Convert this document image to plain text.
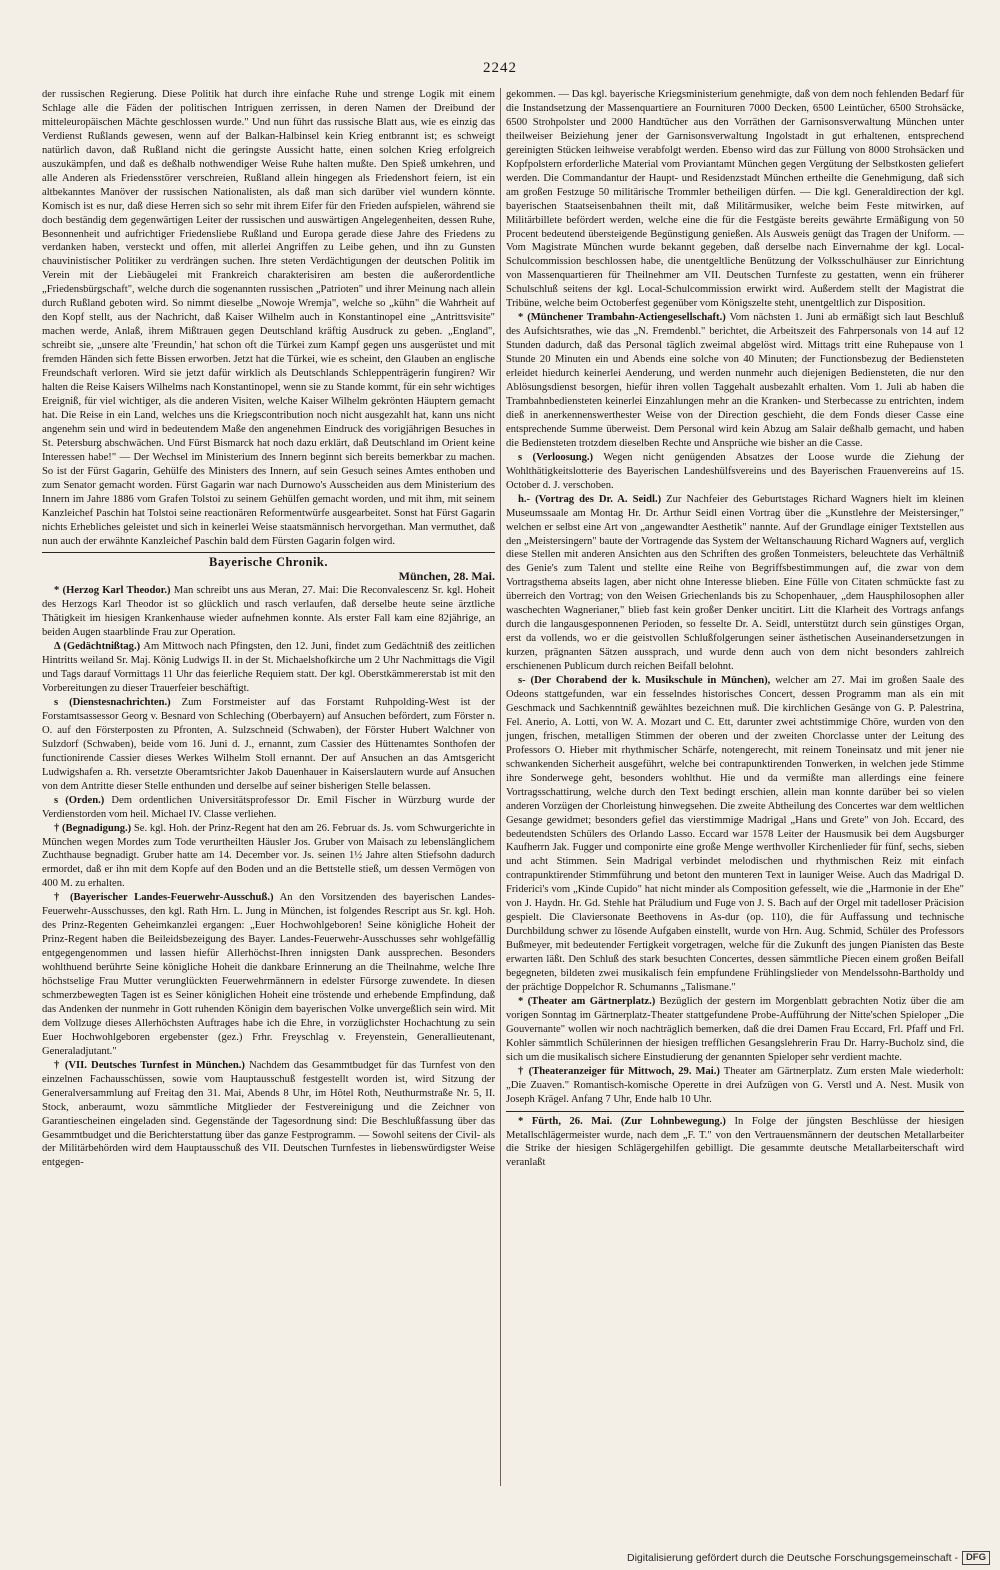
2242

der russischen Regierung. Diese Politik hat durch ihre einfache Ruhe und strenge Logik mit einem Schlage alle die Fäden der politischen Intriguen zerrissen, in deren Namen der Dreibund der mitteleuropäischen Mächte geschlossen wurde." Und nun führt das russische Blatt aus, wie es einzig das Verdienst Rußlands gewesen, wenn auf der Balkan-Halbinsel kein Krieg entbrannt ist; es schweigt natürlich davon, daß Rußland nicht die geringste Aussicht hatte, einen solchen Krieg erfolgreich auszukämpfen, und daß es deßhalb nothwendiger Weise Ruhe halten mußte. Den Spieß umkehren, und alle Anderen als Friedensstörer verschreien, Rußland allein hingegen als Friedenshort feiern, ist ein altbekanntes Manöver der russischen Nationalisten, als daß man sich darüber viel wundern könnte. Komisch ist es nur, daß diese Herren sich so sehr mit ihrem Eifer für den Frieden aufspielen, während sie doch beständig dem gegenwärtigen Leiter der russischen und auswärtigen Angelegenheiten, dessen Ruhe, Besonnenheit und aufrichtiger Friedensliebe Rußland und Europa gerade diese Jahre des Friedens zu verdanken haben, versteckt und offen, mit allerlei Angriffen zu Leibe gehen, und ihn zu Gunsten chauvinistischer Politiker zu verdrängen suchen. Ihre steten Verdächtigungen der deutschen Politik im Verein mit der Liebäugelei mit Frankreich charakterisiren am besten die außerordentliche „Friedensbürgschaft", welche durch die sogenannten russischen „Patrioten" und ihrer Meinung nach allein durch Rußland geboten wird. So nimmt dieselbe „Nowoje Wremja", welche so „kühn" die Wahrheit auf den Kopf stellt, aus der Nachricht, daß Kaiser Wilhelm auch in Konstantinopel eine „Antrittsvisite" machen werde, Anlaß, ihrem Mißtrauen gegen Deutschland kräftig Ausdruck zu geben. „England", schreibt sie, „unsere alte 'Freundin,' hat schon oft die Türkei zum Kampf gegen uns ausgerüstet und mit fremden Händen sich fette Bissen erworben. Jetzt hat die Türkei, wie es scheint, den Glauben an englische Freundschaft verloren. Wird sie jetzt dafür wirklich als Deutschlands Schleppenträgerin fungiren? Wir halten die Reise Kaisers Wilhelms nach Konstantinopel, wenn sie zu Stande kommt, für ein sehr wichtiges Ereigniß, für viel wichtiger, als die anderen Visiten, welche Kaiser Wilhelm gekrönten Häuptern gemacht hat. Die Reise in ein Land, welches uns die Kriegscontribution noch nicht ausgezahlt hat, kann uns nicht angenehm sein und wird in bedeutendem Maße den angenehmen Eindruck des vorigjährigen Besuches in St. Petersburg abschwächen. Und Fürst Bismarck hat noch dazu erklärt, daß Deutschland im Orient keine Interessen habe!" — Der Wechsel im Ministerium des Innern beginnt sich bereits bemerkbar zu machen. So ist der Fürst Gagarin, Gehülfe des Ministers des Innern, auf sein Gesuch seines Amtes enthoben und zum Senator gemacht worden. Fürst Gagarin war nach Durnowo's Ausscheiden aus dem Ministerium des Innern im Jahre 1886 vom Grafen Tolstoi zu seinem Gehülfen gemacht worden, und mit ihm, mit seinem Kanzleichef Paschin hat Tolstoi seine reactionären Reformentwürfe ausgearbeitet. Sonst hat Fürst Gagarin nichts Erhebliches geleistet und sich in keinerlei Weise staatsmännisch hervorgethan. Man vermuthet, daß nun auch der erwähnte Kanzleichef Paschin bald dem Fürsten Gagarin folgen wird.

Bayerische Chronik.

München, 28. Mai.

* (Herzog Karl Theodor.) Man schreibt uns aus Meran, 27. Mai: Die Reconvalescenz Sr. kgl. Hoheit des Herzogs Karl Theodor ist so glücklich und rasch verlaufen, daß derselbe heute seine ärztliche Thätigkeit im hiesigen Krankenhause wieder aufnehmen konnte. Als erster Fall kam eine 82jährige, an beiden Augen staarblinde Frau zur Operation.

Δ (Gedächtnißtag.) Am Mittwoch nach Pfingsten, den 12. Juni, findet zum Gedächtniß des zeitlichen Hintritts weiland Sr. Maj. König Ludwigs II. in der St. Michaelshofkirche um 2 Uhr Nachmittags die Vigil und Tags darauf Vormittags 11 Uhr das feierliche Requiem statt. Der kgl. Oberstkämmererstab ist mit den Vorbereitungen zu dieser Trauerfeier beschäftigt.

s (Dienstesnachrichten.) Zum Forstmeister auf das Forstamt Ruhpolding-West ist der Forstamtsassessor Georg v. Besnard von Schleching (Oberbayern) auf Ansuchen befördert, zum Förster n. O. auf den Försterposten zu Pfronten, A. Sulzschneid (Schwaben), der Förster Hubert Walchner von Sulzdorf (Schwaben), beide vom 16. Juni d. J., ernannt, zum Cassier des Hüttenamtes Sonthofen der functionirende Cassier dieses Werkes Wilhelm Stoll ernannt. Der auf Ansuchen an das Amtsgericht Ludwigshafen a. Rh. versetzte Oberamtsrichter Jakob Dauenhauer in Kaiserslautern wurde auf Ansuchen von dem Antritte dieser Stelle enthunden und derselbe auf seiner bisherigen Stelle belassen.

s (Orden.) Dem ordentlichen Universitätsprofessor Dr. Emil Fischer in Würzburg wurde der Verdienstorden vom heil. Michael IV. Classe verliehen.

† (Begnadigung.) Se. kgl. Hoh. der Prinz-Regent hat den am 26. Februar ds. Js. vom Schwurgerichte in München wegen Mordes zum Tode verurtheilten Häusler Jos. Gruber von Maisach zu lebenslänglichem Zuchthause begnadigt. Gruber hatte am 14. December vor. Js. seinen 1½ Jahre alten Stiefsohn dadurch ermordet, daß er ihn mit dem Kopfe auf den Boden und an die Bettstelle stieß, um dessen Vermögen von 400 M. zu erhalten.

† (Bayerischer Landes-Feuerwehr-Ausschuß.) An den Vorsitzenden des bayerischen Landes-Feuerwehr-Ausschusses, den kgl. Rath Hrn. L. Jung in München, ist folgendes Rescript aus Sr. kgl. Hoh. des Prinz-Regenten Geheimkanzlei ergangen: „Euer Hochwohlgeboren! Seine königliche Hoheit der Prinz-Regent haben die Beileidsbezeigung des Bayer. Landes-Feuerwehr-Ausschusses sehr wohlgefällig entgegengenommen und lassen hiefür Allerhöchst-Ihren innigsten Dank aussprechen. Besonders wohlthuend berührte Seine königliche Hoheit die dankbare Erinnerung an die Theilnahme, welche Ihre höchstselige Frau Mutter verunglückten Feuerwehrmännern in edelster Fürsorge zuwendete. In diesen schmerzbewegten Tagen ist es Seiner königlichen Hoheit eine tröstende und erhebende Empfindung, daß das Andenken der nunmehr in Gott ruhenden Königin dem bayerischen Volke unvergeßlich sein wird. Mit dem Vollzuge dieses Allerhöchsten Auftrages habe ich die Ehre, in vorzüglichster Hochachtung zu sein Euer Hochwohlgeboren ergebenster (gez.) Frhr. Freyschlag v. Freyenstein, Generallieutenant, Generaladjutant."

† (VII. Deutsches Turnfest in München.) Nachdem das Gesammtbudget für das Turnfest von den einzelnen Fachausschüssen, sowie vom Hauptausschuß festgestellt worden ist, wird Sitzung der Generalversammlung auf Freitag den 31. Mai, Abends 8 Uhr, im Hôtel Roth, Neuthurmstraße Nr. 5, II. Stock, anberaumt, wozu sämmtliche Mitglieder der Festvereinigung und die Zeichner von Garantiescheinen eingeladen sind. Gegenstände der Tagesordnung sind: Die Beschlußfassung über das Gesammtbudget und die Berichterstattung über das ganze Festprogramm. — Sowohl seitens der Civil- als der Militärbehörden wird dem Hauptausschuß des VII. Deutschen Turnfestes in liebenswürdigster Weise entgegen-

gekommen. — Das kgl. bayerische Kriegsministerium genehmigte, daß von dem noch fehlenden Bedarf für die Instandsetzung der Massenquartiere an Fournituren 7000 Decken, 6500 Leintücher, 6500 Strohsäcke, 6500 Strohpolster und 2000 Handtücher aus den Vorräthen der Garnisonsverwaltung München unter theilweiser Beiziehung jener der Garnisonsverwaltung Ingolstadt in gut erhaltenen, entsprechend gereinigten Stücken leihweise verabfolgt werden. Ebenso wird das zur Füllung von 8000 Strohsäcken und Kopfpolstern erforderliche Material vom Proviantamt München gegen Vergütung der Selbstkosten geliefert werden. Die Commandantur der Haupt- und Residenzstadt München ertheilte die Genehmigung, daß sich am großen Festzuge 50 militärische Trommler betheiligen dürfen. — Die kgl. Generaldirection der kgl. bayerischen Staatseisenbahnen theilt mit, daß Militärmusiker, welche beim Feste mitwirken, auf Militärbillete befördert werden, welche eine die für die Festgäste bereits gewährte Ermäßigung von 50 Procent bedeutend übersteigende Begünstigung genießen. Als Ausweis genügt das Tragen der Uniform. — Vom Magistrate München wurde bekannt gegeben, daß derselbe nach Einvernahme der kgl. Local-Schulcommission beschlossen habe, die unentgeltliche Benützung der Volksschulhäuser zur Einrichtung von Massenquartieren für Theilnehmer am VII. Deutschen Turnfeste zu gestatten, wenn ein früherer Schulschluß seitens der kgl. Local-Schulcommission erwirkt wird. Außerdem stellt der Magistrat die Tribüne, welche beim Octoberfest gegenüber vom Königszelte steht, unentgeltlich zur Disposition.

* (Münchener Trambahn-Actiengesellschaft.) Vom nächsten 1. Juni ab ermäßigt sich laut Beschluß des Aufsichtsrathes, wie das „N. Fremdenbl." berichtet, die Arbeitszeit des Fahrpersonals von 14 auf 12 Stunden dadurch, daß das Personal täglich zweimal abgelöst wird. Mittags tritt eine Ruhepause von 1 Stunde 20 Minuten ein und Abends eine solche von 40 Minuten; der Functionsbezug der Bediensteten erleidet hiedurch keinerlei Aenderung, und werden nunmehr auch diejenigen Bediensteten, die nur den Ablösungsdienst besorgen, hiefür ihren vollen Taggehalt ausbezahlt erhalten. Vom 1. Juli ab haben die Trambahnbediensteten keinerlei Einzahlungen mehr an die Kranken- und Sterbecasse zu entrichten, indem dieß in anerkennenswerthester Weise von der Direction geschieht, die dem Fonds dieser Casse eine entsprechende Summe überweist. Dem Personal wird kein Abzug am Salair deßhalb gemacht, und haben die Bediensteten trotzdem dieselben Rechte und Ansprüche wie bisher an die Casse.

s (Verloosung.) Wegen nicht genügenden Absatzes der Loose wurde die Ziehung der Wohlthätigkeitslotterie des Bayerischen Landeshülfsvereins und des Bayerischen Frauenvereins auf 15. October d. J. verschoben.

h.- (Vortrag des Dr. A. Seidl.) Zur Nachfeier des Geburtstages Richard Wagners hielt im kleinen Museumssaale am Montag Hr. Dr. Arthur Seidl einen Vortrag über die „Kunstlehre der Meistersinger," welchen er selbst eine Art von „angewandter Aesthetik" nannte. Auf der Grundlage einiger Textstellen aus den „Meistersingern" baute der Vortragende das System der Weltanschauung Richard Wagners auf, verglich diese Stellen mit anderen Ansichten aus den Schriften des großen Tonmeisters, beleuchtete das Verhältniß des Genie's zum Talent und stellte eine Reihe von Begriffsbestimmungen auf, die zwar von dem Vortragsthema abseits lagen, aber nicht ohne Interesse blieben. Eine Fülle von Citaten schmückte fast zu überreich den Vortrag; von den Weisen Griechenlands bis zu Schopenhauer, „dem Hausphilosophen aller waschechten Wagnerianer," blieb fast kein großer Denker uncitirt. Litt die Klarheit des Vortrags anfangs durch die langausgesponnenen Perioden, so fesselte Dr. A. Seidl, unterstützt durch sein günstiges Organ, erst da vollends, wo er die geistvollen Schlußfolgerungen seiner ästhetischen Auseinandersetzungen in kurzen, prägnanten Sätzen aussprach, und wurde denn auch von dem nicht besonders zahlreich erschienenen Publicum durch reichen Beifall belohnt.

s- (Der Chorabend der k. Musikschule in München), welcher am 27. Mai im großen Saale des Odeons stattgefunden, war ein fesselndes historisches Concert, dessen Programm man als ein mit Geschmack und Sachkenntniß gewähltes bezeichnen muß. Die kirchlichen Gesänge von G. P. Palestrina, Fel. Anerio, A. Lotti, von W. A. Mozart und C. Ett, darunter zwei achtstimmige Chöre, wurden von den jungen, frischen, metalligen Stimmen der oberen und der zweiten Chorclasse unter der Leitung des Professors O. Hieber mit rhythmischer Schärfe, notengerecht, mit reinem Toneinsatz und mit jener nie schwankenden Sicherheit ausgeführt, welche bei contrapunktirenden Tonwerken, in welchen jede Stimme ihre Sonderwege geht, besonders wohlthut. Hie und da vermißte man allerdings eine feinere Vortragsschattirung, welche durch den Text bedingt erschien, allein man konnte darüber bei so vielen anderen Vorzügen der Chorleistung hinwegsehen. Die zweite Abtheilung des Concertes war dem weltlichen Gesange gewidmet; besonders gefiel das vierstimmige Madrigal „Hans und Grete" von Joh. Eccard, des bedeutendsten Schülers des Orlando Lasso. Eccard war 1578 Leiter der Hausmusik bei dem Augsburger Kaufherrn Jak. Fugger und componirte eine große Menge werthvoller Kirchenlieder für fünf, sechs, sieben und acht Stimmen. Sein Madrigal verbindet melodischen und rhythmischen Reiz mit einfach contrapunktirender Stimmführung und betont den munteren Text in launiger Weise. Auch das Madrigal D. Friderici's vom „Kinde Cupido" hat nicht minder als Composition gefesselt, wie die „Harmonie in der Ehe" von J. Haydn. Hr. Gd. Stehle hat Präludium und Fuge von J. S. Bach auf der Orgel mit tadelloser Präcision gespielt. Die Claviersonate Beethovens in As-dur (op. 110), die für Auffassung und technische Durchbildung schwer zu lösende Aufgaben einstellt, wurde von Hrn. Aug. Schmid, Schüler des Professors Bußmeyer, mit bedeutender Fertigkeit vorgetragen, welche für die Zukunft des jungen Pianisten das Beste erwarten läßt. Den Schluß des stark besuchten Concertes, dessen sämmtliche Piecen einem großen Beifall begegneten, bildeten zwei musikalisch fein empfundene Frühlingslieder von Mendelssohn-Bartholdy und der prächtige Doppelchor R. Schumanns „Talismane."

* (Theater am Gärtnerplatz.) Bezüglich der gestern im Morgenblatt gebrachten Notiz über die am vorigen Sonntag im Gärtnerplatz-Theater stattgefundene Probe-Aufführung der Nitte'schen Spieloper „Die Gouvernante" wollen wir noch nachträglich bemerken, daß die drei Damen Frau Eccard, Frl. Pfaff und Frl. Kohler sämmtlich Schülerinnen der hiesigen trefflichen Gesangslehrerin Frau Dr. Harry-Bucholz sind, die sich um die musikalisch sichere Einstudierung der genannten Spieloper sehr verdient machte.

† (Theateranzeiger für Mittwoch, 29. Mai.) Theater am Gärtnerplatz. Zum ersten Male wiederholt: „Die Zuaven." Romantisch-komische Operette in drei Aufzügen von G. Verstl und A. Nest. Musik von Joseph Krägel. Anfang 7 Uhr, Ende halb 10 Uhr.

* Fürth, 26. Mai. (Zur Lohnbewegung.) In Folge der jüngsten Beschlüsse der hiesigen Metallschlägermeister wurde, nach dem „F. T." von den Vertrauensmännern der deutschen Metallarbeiter die Strike der hiesigen Schlägergehilfen gebilligt. Die gesammte deutsche Metallarbeiterschaft wird veranlaßt

Digitalisierung gefördert durch die Deutsche Forschungsgemeinschaft - DFG
